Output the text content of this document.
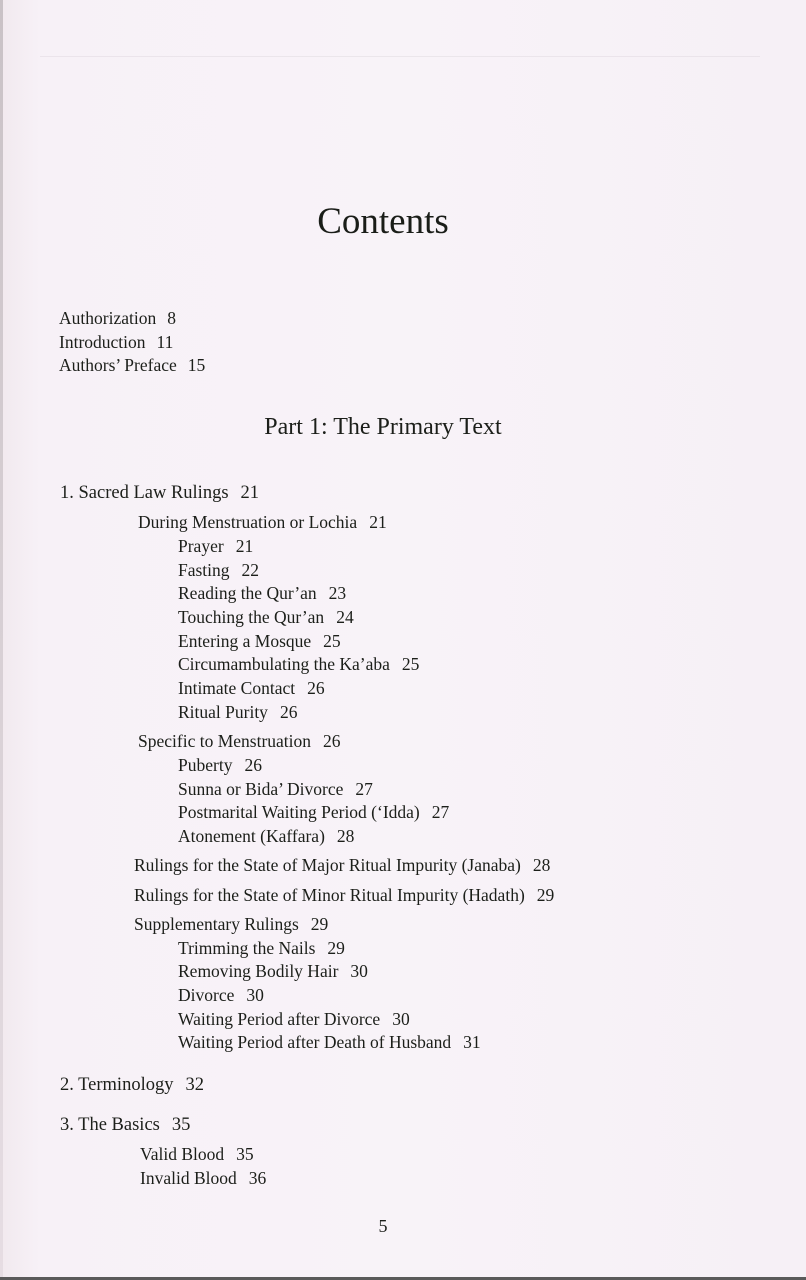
Contents
Authorization 8
Introduction 11
Authors’ Preface 15
Part 1: The Primary Text
1. Sacred Law Rulings 21
During Menstruation or Lochia 21
Prayer 21
Fasting 22
Reading the Qur’an 23
Touching the Qur’an 24
Entering a Mosque 25
Circumambulating the Ka’aba 25
Intimate Contact 26
Ritual Purity 26
Specific to Menstruation 26
Puberty 26
Sunna or Bida’ Divorce 27
Postmarital Waiting Period (‘Idda) 27
Atonement (Kaffara) 28
Rulings for the State of Major Ritual Impurity (Janaba) 28
Rulings for the State of Minor Ritual Impurity (Hadath) 29
Supplementary Rulings 29
Trimming the Nails 29
Removing Bodily Hair 30
Divorce 30
Waiting Period after Divorce 30
Waiting Period after Death of Husband 31
2. Terminology 32
3. The Basics 35
Valid Blood 35
Invalid Blood 36
5
